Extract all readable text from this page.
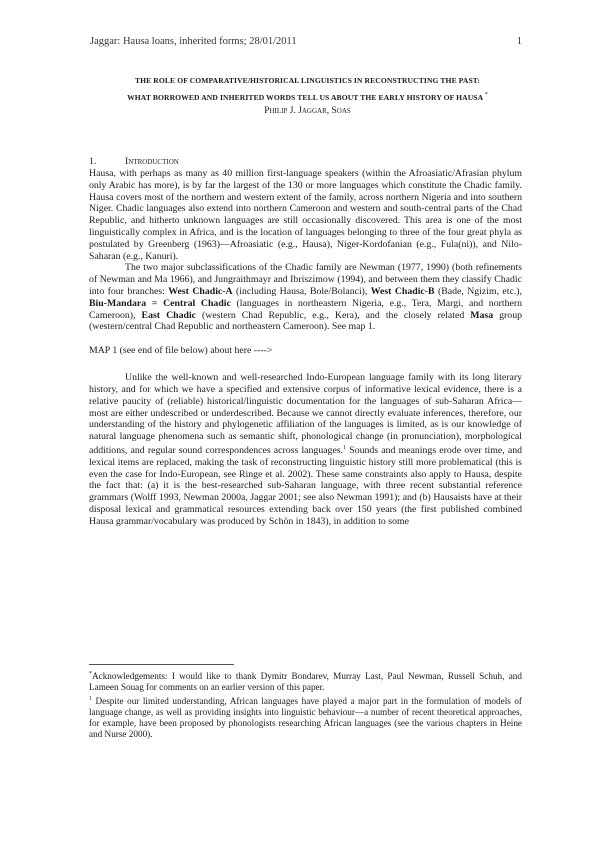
Jaggar: Hausa loans, inherited forms; 28/01/2011	1
THE ROLE OF COMPARATIVE/HISTORICAL LINGUISTICS IN RECONSTRUCTING THE PAST:
WHAT BORROWED AND INHERITED WORDS TELL US ABOUT THE EARLY HISTORY OF HAUSA *
Philip J. Jaggar, Soas

1.	Introduction

Hausa, with perhaps as many as 40 million first-language speakers (within the Afroasiatic/Afrasian phylum only Arabic has more), is by far the largest of the 130 or more languages which constitute the Chadic family. Hausa covers most of the northern and western extent of the family, across northern Nigeria and into southern Niger. Chadic languages also extend into northern Cameroon and western and south-central parts of the Chad Republic, and hitherto unknown languages are still occasionally discovered. This area is one of the most linguistically complex in Africa, and is the location of languages belonging to three of the four great phyla as postulated by Greenberg (1963)—Afroasiatic (e.g., Hausa), Niger-Kordofanian (e.g., Fula(ni)), and Nilo-Saharan (e.g., Kanuri).

The two major subclassifications of the Chadic family are Newman (1977, 1990) (both refinements of Newman and Ma 1966), and Jungraithmayr and Ibriszimow (1994), and between them they classify Chadic into four branches: West Chadic-A (including Hausa, Bole/Bolanci), West Chadic-B (Bade, Ngizim, etc.), Biu-Mandara = Central Chadic (languages in northeastern Nigeria, e.g., Tera, Margi, and northern Cameroon), East Chadic (western Chad Republic, e.g., Kera), and the closely related Masa group (western/central Chad Republic and northeastern Cameroon). See map 1.

MAP 1 (see end of file below) about here ---->

Unlike the well-known and well-researched Indo-European language family with its long literary history, and for which we have a specified and extensive corpus of informative lexical evidence, there is a relative paucity of (reliable) historical/linguistic documentation for the languages of sub-Saharan Africa—most are either undescribed or underdescribed. Because we cannot directly evaluate inferences, therefore, our understanding of the history and phylogenetic affiliation of the languages is limited, as is our knowledge of natural language phenomena such as semantic shift, phonological change (in pronunciation), morphological additions, and regular sound correspondences across languages.$^1$ Sounds and meanings erode over time, and lexical items are replaced, making the task of reconstructing linguistic history still more problematical (this is even the case for Indo-European, see Ringe et al. 2002). These same constraints also apply to Hausa, despite the fact that: (a) it is the best-researched sub-Saharan language, with three recent substantial reference grammars (Wolff 1993, Newman 2000a, Jaggar 2001; see also Newman 1991); and (b) Hausaists have at their disposal lexical and grammatical resources extending back over 150 years (the first published combined Hausa grammar/vocabulary was produced by Schön in 1843), in addition to some

*Acknowledgements: I would like to thank Dymitr Bondarev, Murray Last, Paul Newman, Russell Schuh, and Lameen Souag for comments on an earlier version of this paper.

$^1$ Despite our limited understanding, African languages have played a major part in the formulation of models of language change, as well as providing insights into linguistic behaviour—a number of recent theoretical approaches, for example, have been proposed by phonologists researching African languages (see the various chapters in Heine and Nurse 2000).
